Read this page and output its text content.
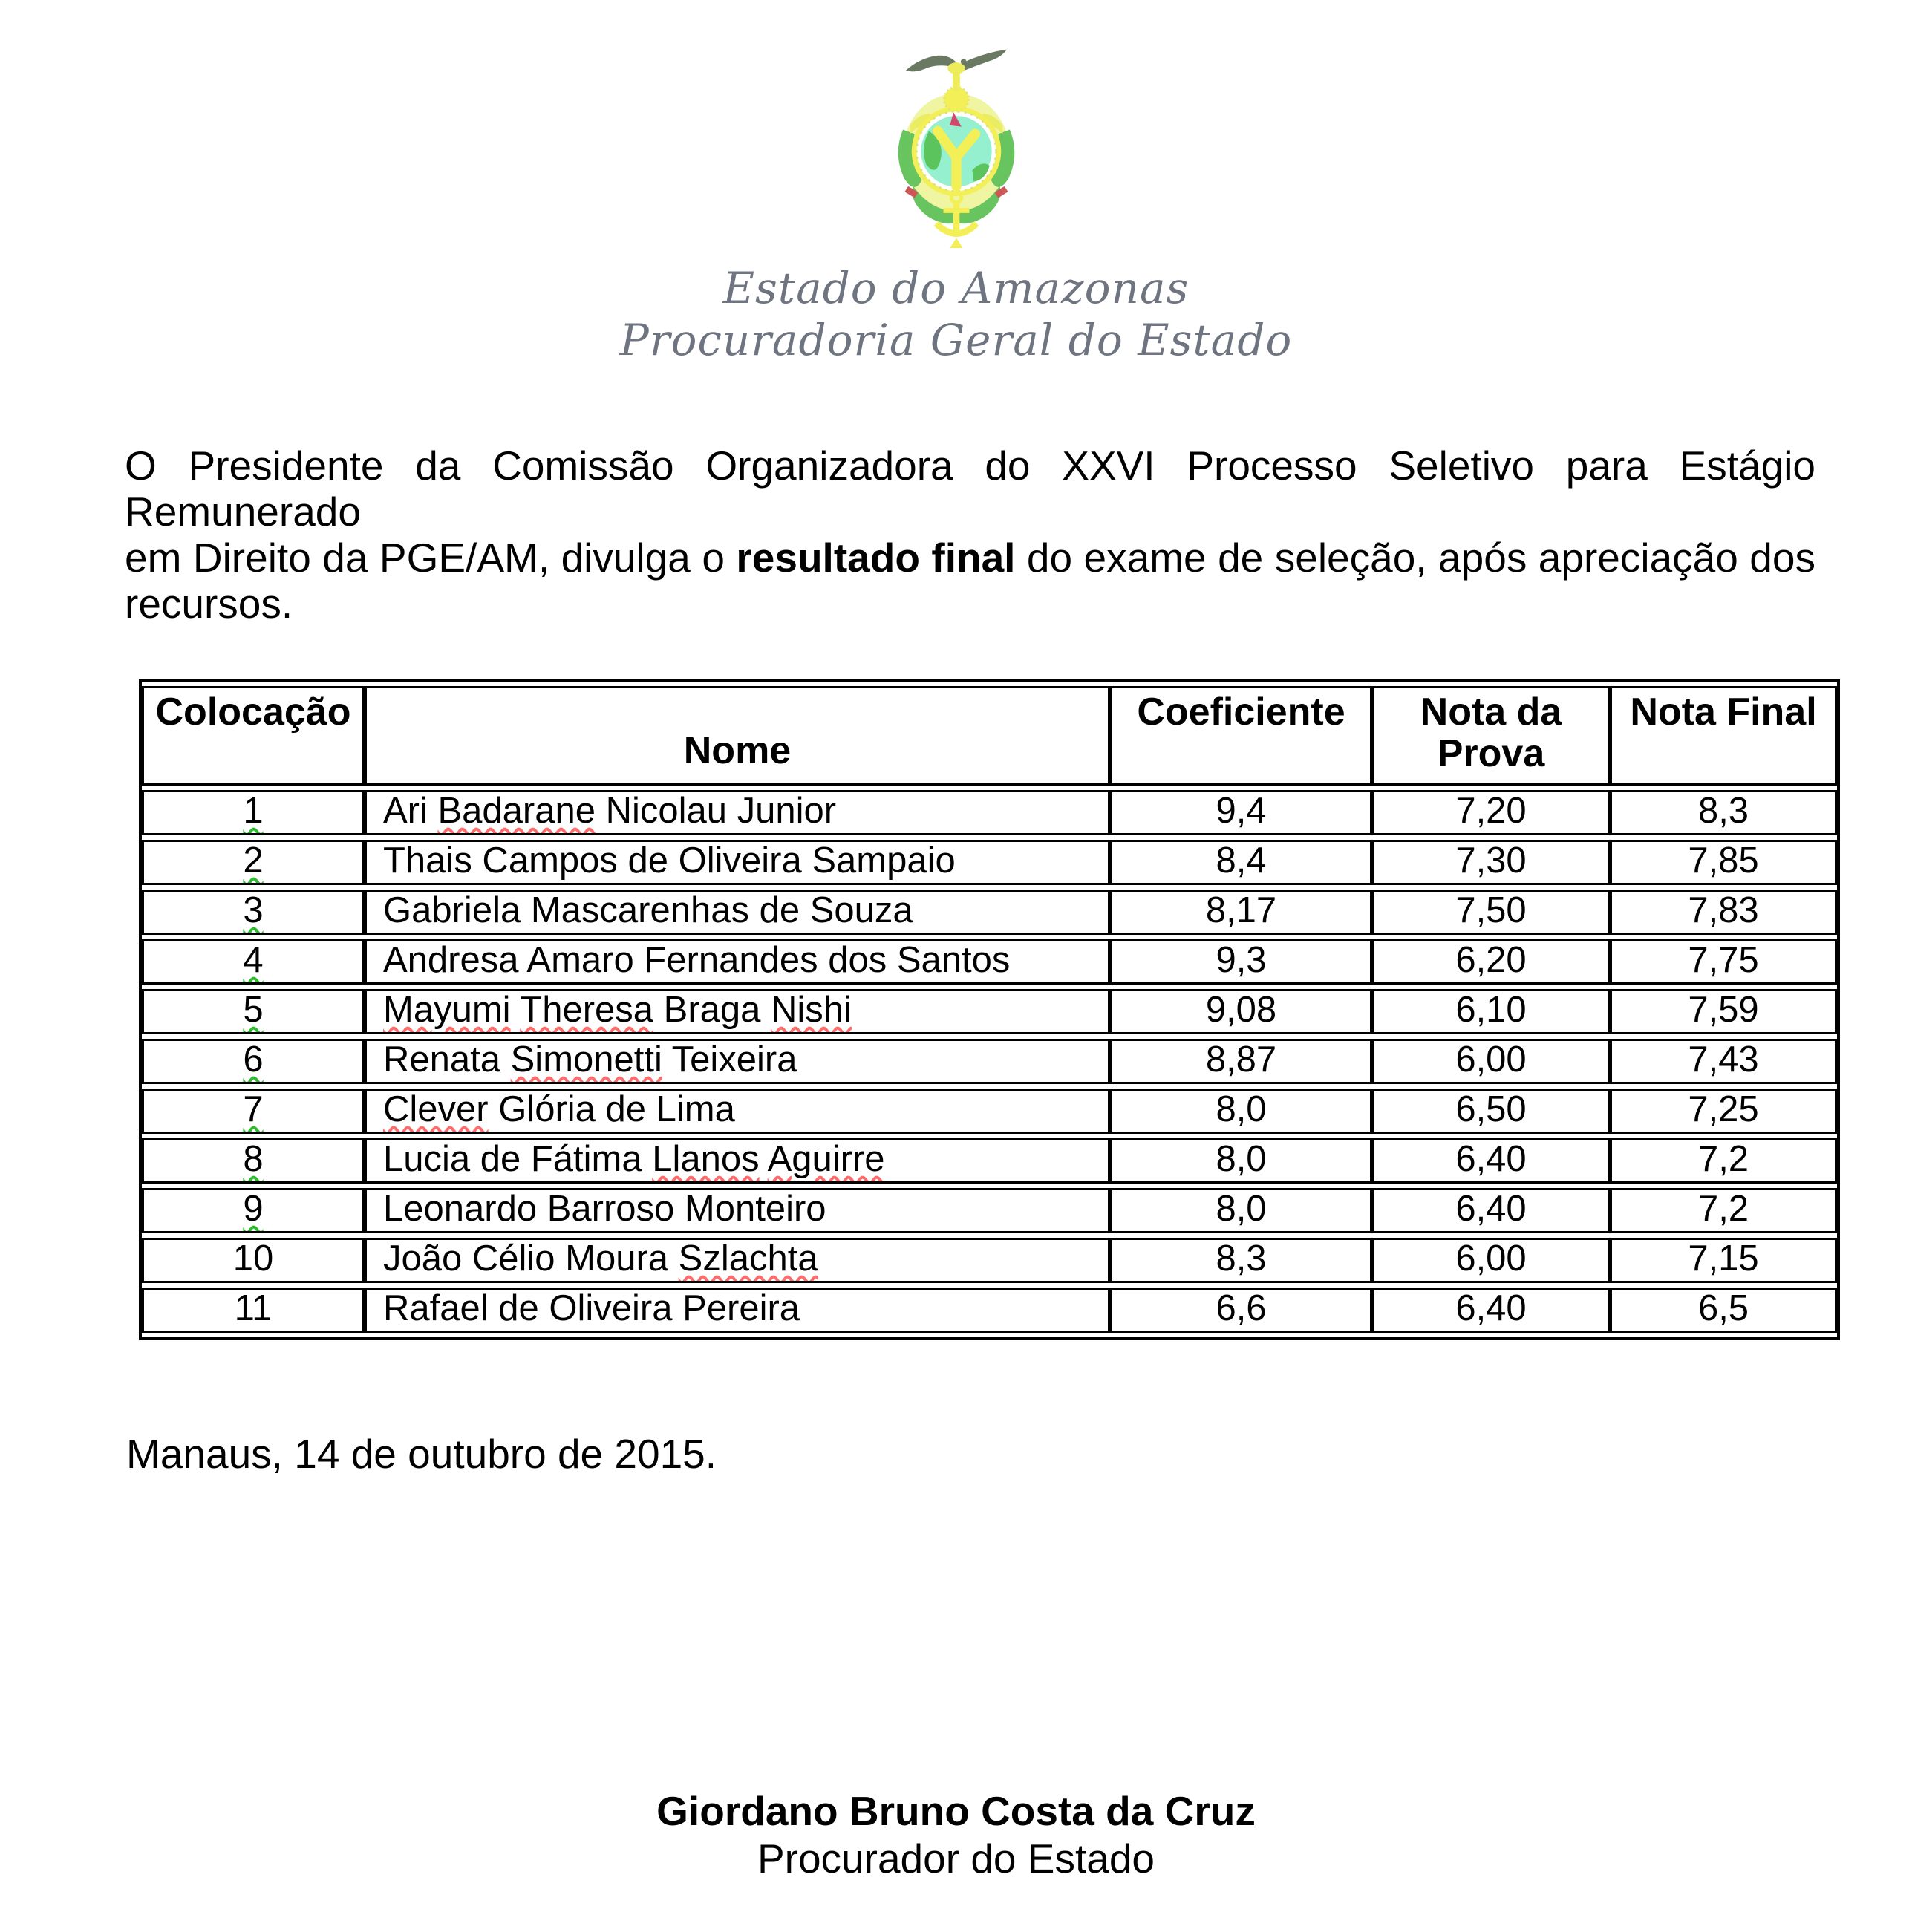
Estado do Amazonas
Procuradoria Geral do Estado
O Presidente da Comissão Organizadora do XXVI Processo Seletivo para Estágio Remunerado
em Direito da PGE/AM, divulga o resultado final do exame de seleção, após apreciação dos
recursos.
Colocação	Nome	Coeficiente	Nota da Prova	Nota Final
1	Ari Badarane Nicolau Junior	9,4	7,20	8,3
2	Thais Campos de Oliveira Sampaio	8,4	7,30	7,85
3	Gabriela Mascarenhas de Souza	8,17	7,50	7,83
4	Andresa Amaro Fernandes dos Santos	9,3	6,20	7,75
5	Mayumi Theresa Braga Nishi	9,08	6,10	7,59
6	Renata Simonetti Teixeira	8,87	6,00	7,43
7	Clever Glória de Lima	8,0	6,50	7,25
8	Lucia de Fátima Llanos Aguirre	8,0	6,40	7,2
9	Leonardo Barroso Monteiro	8,0	6,40	7,2
10	João Célio Moura Szlachta	8,3	6,00	7,15
11	Rafael de Oliveira Pereira	6,6	6,40	6,5
Manaus, 14 de outubro de 2015.
Giordano Bruno Costa da Cruz
Procurador do Estado
